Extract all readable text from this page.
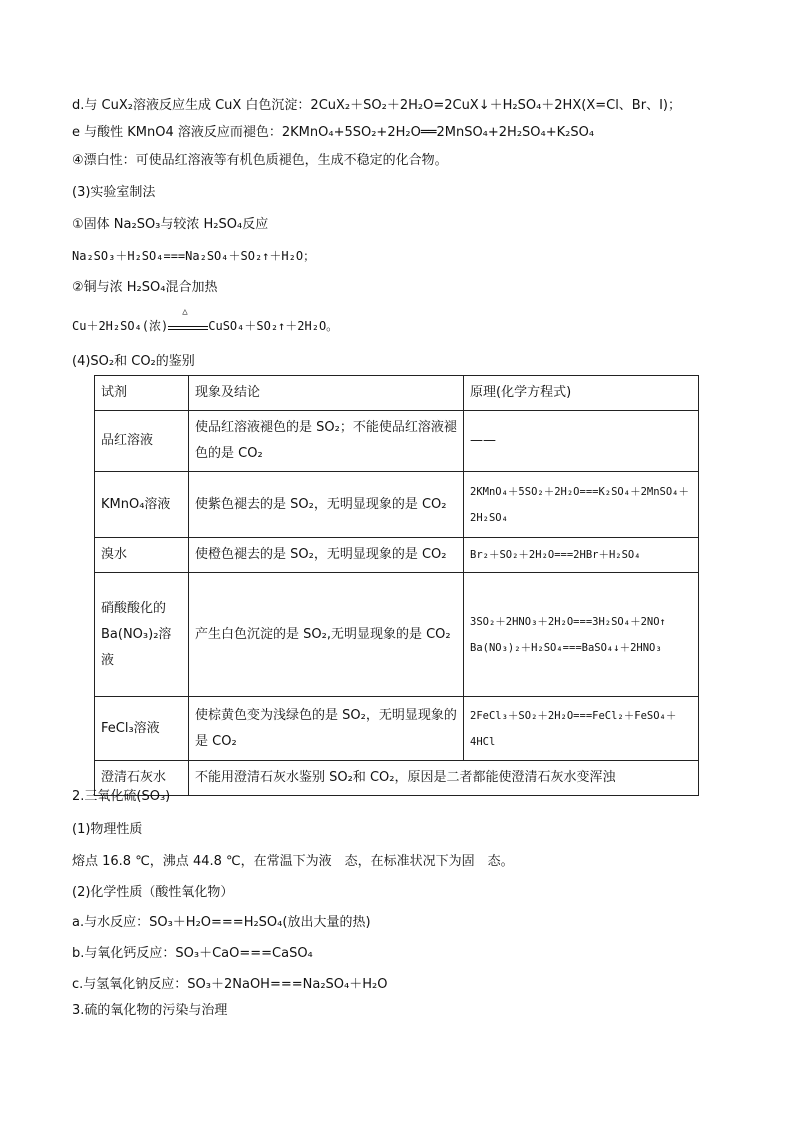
d.与 CuX₂溶液反应生成 CuX 白色沉淀：2CuX₂＋SO₂＋2H₂O=2CuX↓＋H₂SO₄＋2HX(X=Cl、Br、I)；
e 与酸性 KMnO4 溶液反应而褪色：2KMnO₄+5SO₂+2H₂O══2MnSO₄+2H₂SO₄+K₂SO₄
④漂白性：可使品红溶液等有机色质褪色，生成不稳定的化合物。
(3)实验室制法
①固体 Na₂SO₃与较浓 H₂SO₄反应
Na₂SO₃＋H₂SO₄===Na₂SO₄＋SO₂↑＋H₂O；
②铜与浓 H₂SO₄混合加热
Cu＋2H₂SO₄(浓)
△
CuSO₄＋SO₂↑＋2H₂O。
(4)SO₂和 CO₂的鉴别
试剂	现象及结论	原理(化学方程式)
品红溶液	使品红溶液褪色的是 SO₂；不能使品红溶液褪色的是 CO₂	——
KMnO₄溶液	使紫色褪去的是 SO₂，无明显现象的是 CO₂	2KMnO₄＋5SO₂＋2H₂O===K₂SO₄＋2MnSO₄＋2H₂SO₄
溴水	使橙色褪去的是 SO₂，无明显现象的是 CO₂	Br₂＋SO₂＋2H₂O===2HBr＋H₂SO₄
硝酸酸化的 Ba(NO₃)₂溶液	产生白色沉淀的是 SO₂,无明显现象的是 CO₂	3SO₂＋2HNO₃＋2H₂O===3H₂SO₄＋2NO↑ Ba(NO₃)₂＋H₂SO₄===BaSO₄↓＋2HNO₃
FeCl₃溶液	使棕黄色变为浅绿色的是 SO₂，无明显现象的是 CO₂	2FeCl₃＋SO₂＋2H₂O===FeCl₂＋FeSO₄＋4HCl
澄清石灰水	不能用澄清石灰水鉴别 SO₂和 CO₂，原因是二者都能使澄清石灰水变浑浊	
2.三氧化硫(SO₃)
(1)物理性质
熔点 16.8 ℃，沸点 44.8 ℃，在常温下为液　态，在标准状况下为固　态。
(2)化学性质（酸性氧化物）
a.与水反应：SO₃＋H₂O===H₂SO₄(放出大量的热)
b.与氧化钙反应：SO₃＋CaO===CaSO₄
c.与氢氧化钠反应：SO₃＋2NaOH===Na₂SO₄＋H₂O
3.硫的氧化物的污染与治理
